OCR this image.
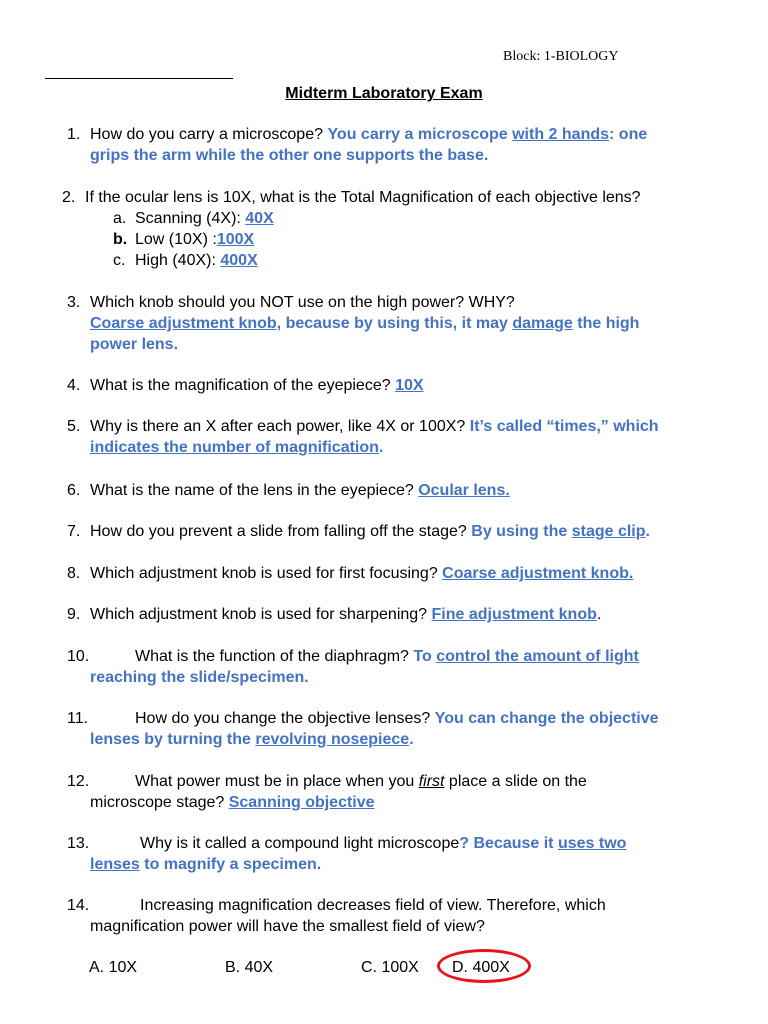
Block: 1-BIOLOGY
Midterm Laboratory Exam
1. How do you carry a microscope? You carry a microscope with 2 hands: one
grips the arm while the other one supports the base.
2. If the ocular lens is 10X, what is the Total Magnification of each objective lens?
a. Scanning (4X): 40X
b. Low (10X) :100X
c. High (40X): 400X
3. Which knob should you NOT use on the high power? WHY?
Coarse adjustment knob, because by using this, it may damage the high
power lens.
4. What is the magnification of the eyepiece? 10X
5. Why is there an X after each power, like 4X or 100X? It’s called “times,” which
indicates the number of magnification.
6. What is the name of the lens in the eyepiece? Ocular lens.
7. How do you prevent a slide from falling off the stage? By using the stage clip.
8. Which adjustment knob is used for first focusing? Coarse adjustment knob.
9. Which adjustment knob is used for sharpening? Fine adjustment knob.
10.	What is the function of the diaphragm? To control the amount of light
reaching the slide/specimen.
11.	How do you change the objective lenses? You can change the objective
lenses by turning the revolving nosepiece.
12.	What power must be in place when you first place a slide on the
microscope stage? Scanning objective
13.	Why is it called a compound light microscope? Because it uses two
lenses to magnify a specimen.
14.	Increasing magnification decreases field of view. Therefore, which
magnification power will have the smallest field of view?
A. 10X	B. 40X	C. 100X D. 400X
